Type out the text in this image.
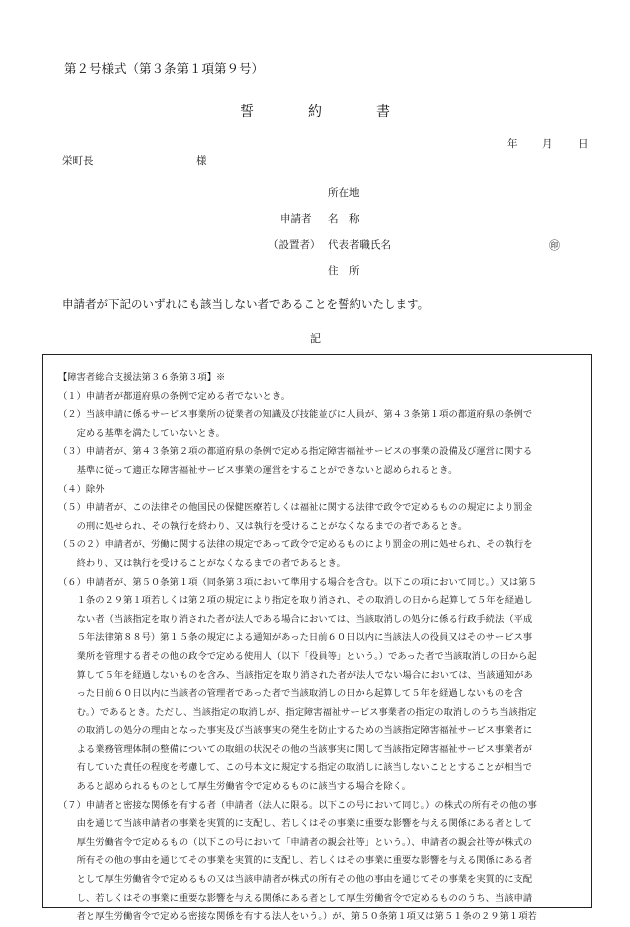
第２号様式（第３条第１項第９号）
誓	約	書
年 月 日
栄町長	様
所在地
申請者 名　称
（設置者） 代表者職氏名	㊞
住　所
申請者が下記のいずれにも該当しない者であることを誓約いたします。
記
【障害者総合支援法第３６条第３項】※
（１）申請者が都道府県の条例で定める者でないとき。
（２）当該申請に係るサービス事業所の従業者の知識及び技能並びに人員が、第４３条第１項の都道府県の条例で
　　定める基準を満たしていないとき。
（３）申請者が、第４３条第２項の都道府県の条例で定める指定障害福祉サービスの事業の設備及び運営に関する
　　基準に従って適正な障害福祉サービス事業の運営をすることができないと認められるとき。
（４）除外
（５）申請者が、この法律その他国民の保健医療若しくは福祉に関する法律で政令で定めるものの規定により罰金
　　の刑に処せられ、その執行を終わり、又は執行を受けることがなくなるまでの者であるとき。
（５の２）申請者が、労働に関する法律の規定であって政令で定めるものにより罰金の刑に処せられ、その執行を
　　終わり、又は執行を受けることがなくなるまでの者であるとき。
（６）申請者が、第５０条第１項（同条第３項において準用する場合を含む。以下この項において同じ。）又は第５
　　１条の２９第１項若しくは第２項の規定により指定を取り消され、その取消しの日から起算して５年を経過し
　　ない者（当該指定を取り消された者が法人である場合においては、当該取消しの処分に係る行政手続法（平成
　　５年法律第８８号）第１５条の規定による通知があった日前６０日以内に当該法人の役員又はそのサービス事
　　業所を管理する者その他の政令で定める使用人（以下「役員等」という。）であった者で当該取消しの日から起
　　算して５年を経過しないものを含み、当該指定を取り消された者が法人でない場合においては、当該通知があ
　　った日前６０日以内に当該者の管理者であった者で当該取消しの日から起算して５年を経過しないものを含
　　む。）であるとき。ただし、当該指定の取消しが、指定障害福祉サービス事業者の指定の取消しのうち当該指定
　　の取消しの処分の理由となった事実及び当該事実の発生を防止するための当該指定障害福祉サービス事業者に
　　よる業務管理体制の整備についての取組の状況その他の当該事実に関して当該指定障害福祉サービス事業者が
　　有していた責任の程度を考慮して、この号本文に規定する指定の取消しに該当しないこととすることが相当で
　　あると認められるものとして厚生労働省令で定めるものに該当する場合を除く。
（７）申請者と密接な関係を有する者（申請者（法人に限る。以下この号において同じ。）の株式の所有その他の事
　　由を通じて当該申請者の事業を実質的に支配し、若しくはその事業に重要な影響を与える関係にある者として
　　厚生労働省令で定めるもの（以下この号において「申請者の親会社等」という。）、申請者の親会社等が株式の
　　所有その他の事由を通じてその事業を実質的に支配し、若しくはその事業に重要な影響を与える関係にある者
　　として厚生労働省令で定めるもの又は当該申請者が株式の所有その他の事由を通じてその事業を実質的に支配
　　し、若しくはその事業に重要な影響を与える関係にある者として厚生労働省令で定めるもののうち、当該申請
　　者と厚生労働省令で定める密接な関係を有する法人をいう。）が、第５０条第１項又は第５１条の２９第１項若
